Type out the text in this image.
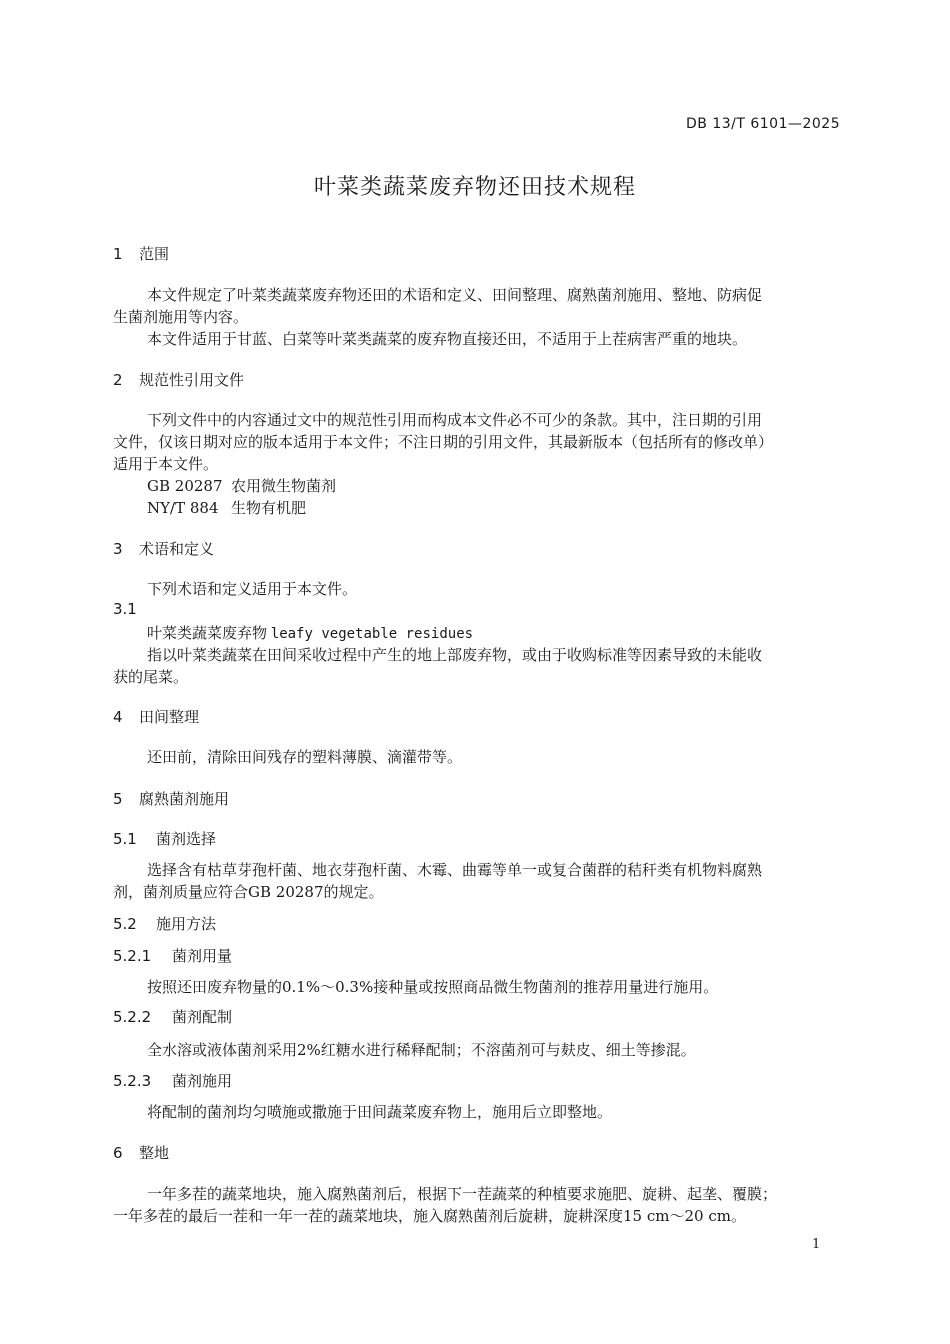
DB 13/T 6101—2025
叶菜类蔬菜废弃物还田技术规程
1 范围
本文件规定了叶菜类蔬菜废弃物还田的术语和定义、田间整理、腐熟菌剂施用、整地、防病促
生菌剂施用等内容。
本文件适用于甘蓝、白菜等叶菜类蔬菜的废弃物直接还田，不适用于上茬病害严重的地块。
2 规范性引用文件
下列文件中的内容通过文中的规范性引用而构成本文件必不可少的条款。其中，注日期的引用
文件，仅该日期对应的版本适用于本文件；不注日期的引用文件，其最新版本（包括所有的修改单）
适用于本文件。
GB 20287 农用微生物菌剂
NY/T 884 生物有机肥
3 术语和定义
下列术语和定义适用于本文件。
3.1
叶菜类蔬菜废弃物 leafy vegetable residues
指以叶菜类蔬菜在田间采收过程中产生的地上部废弃物，或由于收购标准等因素导致的未能收
获的尾菜。
4 田间整理
还田前，清除田间残存的塑料薄膜、滴灌带等。
5 腐熟菌剂施用
5.1 菌剂选择
选择含有枯草芽孢杆菌、地衣芽孢杆菌、木霉、曲霉等单一或复合菌群的秸秆类有机物料腐熟
剂，菌剂质量应符合GB 20287的规定。
5.2 施用方法
5.2.1 菌剂用量
按照还田废弃物量的0.1%～0.3%接种量或按照商品微生物菌剂的推荐用量进行施用。
5.2.2 菌剂配制
全水溶或液体菌剂采用2%红糖水进行稀释配制；不溶菌剂可与麸皮、细土等掺混。
5.2.3 菌剂施用
将配制的菌剂均匀喷施或撒施于田间蔬菜废弃物上，施用后立即整地。
6 整地
一年多茬的蔬菜地块，施入腐熟菌剂后，根据下一茬蔬菜的种植要求施肥、旋耕、起垄、覆膜；
一年多茬的最后一茬和一年一茬的蔬菜地块，施入腐熟菌剂后旋耕，旋耕深度15 cm～20 cm。
1
